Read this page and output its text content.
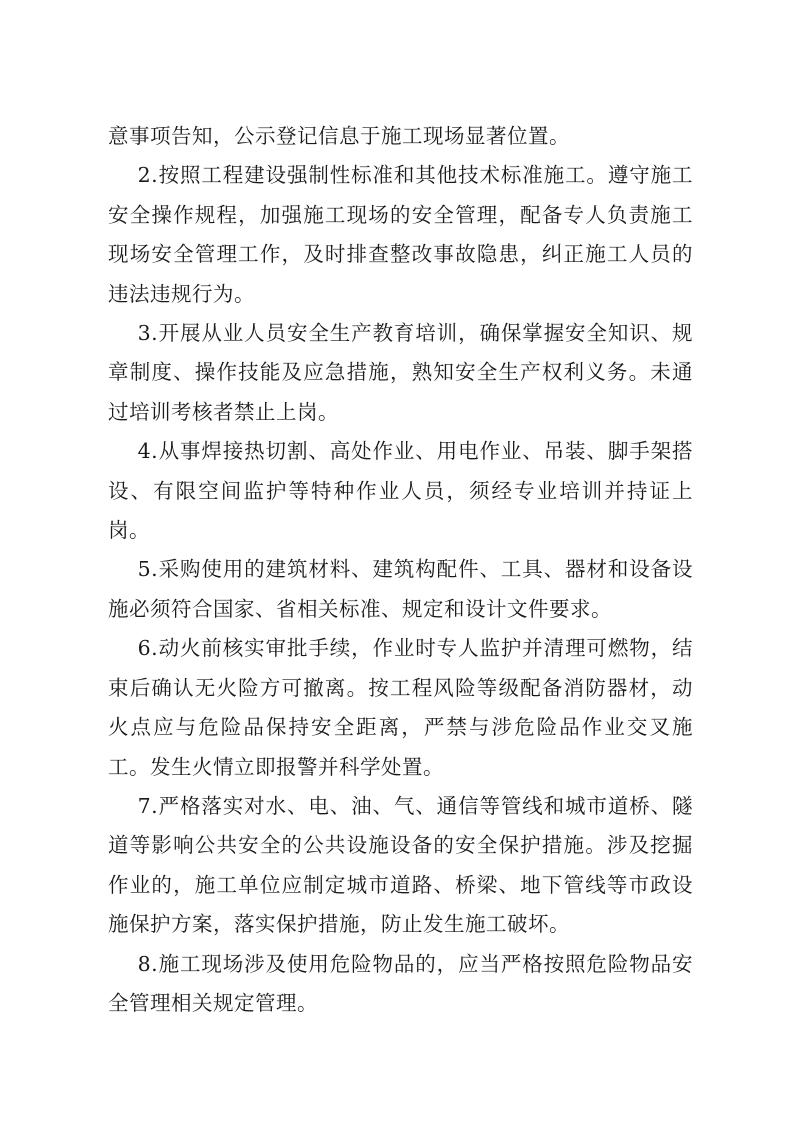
意事项告知，公示登记信息于施工现场显著位置。

2.按照工程建设强制性标准和其他技术标准施工。遵守施工安全操作规程，加强施工现场的安全管理，配备专人负责施工现场安全管理工作，及时排查整改事故隐患，纠正施工人员的违法违规行为。

3.开展从业人员安全生产教育培训，确保掌握安全知识、规章制度、操作技能及应急措施，熟知安全生产权利义务。未通过培训考核者禁止上岗。

4.从事焊接热切割、高处作业、用电作业、吊装、脚手架搭设、有限空间监护等特种作业人员，须经专业培训并持证上岗。

5.采购使用的建筑材料、建筑构配件、工具、器材和设备设施必须符合国家、省相关标准、规定和设计文件要求。

6.动火前核实审批手续，作业时专人监护并清理可燃物，结束后确认无火险方可撤离。按工程风险等级配备消防器材，动火点应与危险品保持安全距离，严禁与涉危险品作业交叉施工。发生火情立即报警并科学处置。

7.严格落实对水、电、油、气、通信等管线和城市道桥、隧道等影响公共安全的公共设施设备的安全保护措施。涉及挖掘作业的，施工单位应制定城市道路、桥梁、地下管线等市政设施保护方案，落实保护措施，防止发生施工破坏。

8.施工现场涉及使用危险物品的，应当严格按照危险物品安全管理相关规定管理。
